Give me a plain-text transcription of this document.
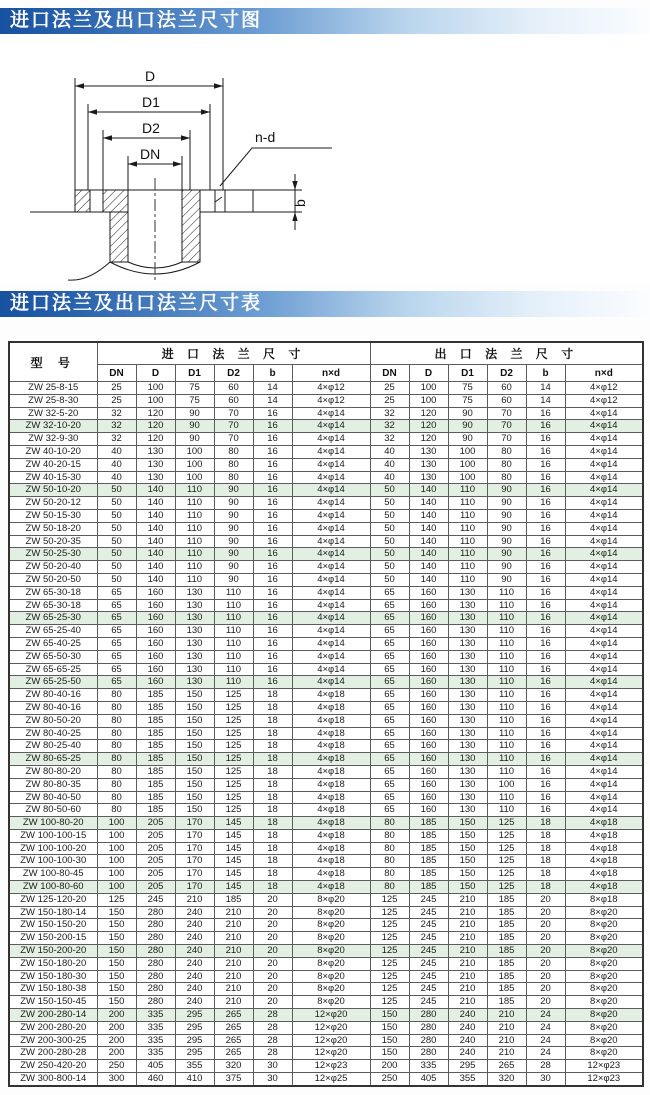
进口法兰及出口法兰尺寸图
D
D1
D2
DN
n-d
b
进口法兰及出口法兰尺寸表
型 号	进 口 法 兰 尺 寸						出 口 法 兰 尺 寸					
	DN	D	D1	D2	b	n×d	DN	D	D1	D2	b	n×d
ZW 25-8-15	25	100	75	60	14	4×φ12	25	100	75	60	14	4×φ12
ZW 25-8-30	25	100	75	60	14	4×φ12	25	100	75	60	14	4×φ12
ZW 32-5-20	32	120	90	70	16	4×φ14	32	120	90	70	16	4×φ14
ZW 32-10-20	32	120	90	70	16	4×φ14	32	120	90	70	16	4×φ14
ZW 32-9-30	32	120	90	70	16	4×φ14	32	120	90	70	16	4×φ14
ZW 40-10-20	40	130	100	80	16	4×φ14	40	130	100	80	16	4×φ14
ZW 40-20-15	40	130	100	80	16	4×φ14	40	130	100	80	16	4×φ14
ZW 40-15-30	40	130	100	80	16	4×φ14	40	130	100	80	16	4×φ14
ZW 50-10-20	50	140	110	90	16	4×φ14	50	140	110	90	16	4×φ14
ZW 50-20-12	50	140	110	90	16	4×φ14	50	140	110	90	16	4×φ14
ZW 50-15-30	50	140	110	90	16	4×φ14	50	140	110	90	16	4×φ14
ZW 50-18-20	50	140	110	90	16	4×φ14	50	140	110	90	16	4×φ14
ZW 50-20-35	50	140	110	90	16	4×φ14	50	140	110	90	16	4×φ14
ZW 50-25-30	50	140	110	90	16	4×φ14	50	140	110	90	16	4×φ14
ZW 50-20-40	50	140	110	90	16	4×φ14	50	140	110	90	16	4×φ14
ZW 50-20-50	50	140	110	90	16	4×φ14	50	140	110	90	16	4×φ14
ZW 65-30-18	65	160	130	110	16	4×φ14	65	160	130	110	16	4×φ14
ZW 65-30-18	65	160	130	110	16	4×φ14	65	160	130	110	16	4×φ14
ZW 65-25-30	65	160	130	110	16	4×φ14	65	160	130	110	16	4×φ14
ZW 65-25-40	65	160	130	110	16	4×φ14	65	160	130	110	16	4×φ14
ZW 65-40-25	65	160	130	110	16	4×φ14	65	160	130	110	16	4×φ14
ZW 65-50-30	65	160	130	110	16	4×φ14	65	160	130	110	16	4×φ14
ZW 65-65-25	65	160	130	110	16	4×φ14	65	160	130	110	16	4×φ14
ZW 65-25-50	65	160	130	110	16	4×φ14	65	160	130	110	16	4×φ14
ZW 80-40-16	80	185	150	125	18	4×φ18	65	160	130	110	16	4×φ14
ZW 80-40-16	80	185	150	125	18	4×φ18	65	160	130	110	16	4×φ14
ZW 80-50-20	80	185	150	125	18	4×φ18	65	160	130	110	16	4×φ14
ZW 80-40-25	80	185	150	125	18	4×φ18	65	160	130	110	16	4×φ14
ZW 80-25-40	80	185	150	125	18	4×φ18	65	160	130	110	16	4×φ14
ZW 80-65-25	80	185	150	125	18	4×φ18	65	160	130	110	16	4×φ14
ZW 80-80-20	80	185	150	125	18	4×φ18	65	160	130	110	16	4×φ14
ZW 80-80-35	80	185	150	125	18	4×φ18	65	160	130	100	16	4×φ14
ZW 80-40-50	80	185	150	125	18	4×φ18	65	160	130	110	16	4×φ14
ZW 80-50-60	80	185	150	125	18	4×φ18	65	160	130	110	16	4×φ14
ZW 100-80-20	100	205	170	145	18	4×φ18	80	185	150	125	18	4×φ18
ZW 100-100-15	100	205	170	145	18	4×φ18	80	185	150	125	18	4×φ18
ZW 100-100-20	100	205	170	145	18	4×φ18	80	185	150	125	18	4×φ18
ZW 100-100-30	100	205	170	145	18	4×φ18	80	185	150	125	18	4×φ18
ZW 100-80-45	100	205	170	145	18	4×φ18	80	185	150	125	18	4×φ18
ZW 100-80-60	100	205	170	145	18	4×φ18	80	185	150	125	18	4×φ18
ZW 125-120-20	125	245	210	185	20	8×φ20	125	245	210	185	20	8×φ18
ZW 150-180-14	150	280	240	210	20	8×φ20	125	245	210	185	20	8×φ20
ZW 150-150-20	150	280	240	210	20	8×φ20	125	245	210	185	20	8×φ20
ZW 150-200-15	150	280	240	210	20	8×φ20	125	245	210	185	20	8×φ20
ZW 150-200-20	150	280	240	210	20	8×φ20	125	245	210	185	20	8×φ20
ZW 150-180-20	150	280	240	210	20	8×φ20	125	245	210	185	20	8×φ20
ZW 150-180-30	150	280	240	210	20	8×φ20	125	245	210	185	20	8×φ20
ZW 150-180-38	150	280	240	210	20	8×φ20	125	245	210	185	20	8×φ20
ZW 150-150-45	150	280	240	210	20	8×φ20	125	245	210	185	20	8×φ20
ZW 200-280-14	200	335	295	265	28	12×φ20	150	280	240	210	24	8×φ20
ZW 200-280-20	200	335	295	265	28	12×φ20	150	280	240	210	24	8×φ20
ZW 200-300-25	200	335	295	265	28	12×φ20	150	280	240	210	24	8×φ20
ZW 200-280-28	200	335	295	265	28	12×φ20	150	280	240	210	24	8×φ20
ZW 250-420-20	250	405	355	320	30	12×φ23	200	335	295	265	28	12×φ23
ZW 300-800-14	300	460	410	375	30	12×φ25	250	405	355	320	30	12×φ23
